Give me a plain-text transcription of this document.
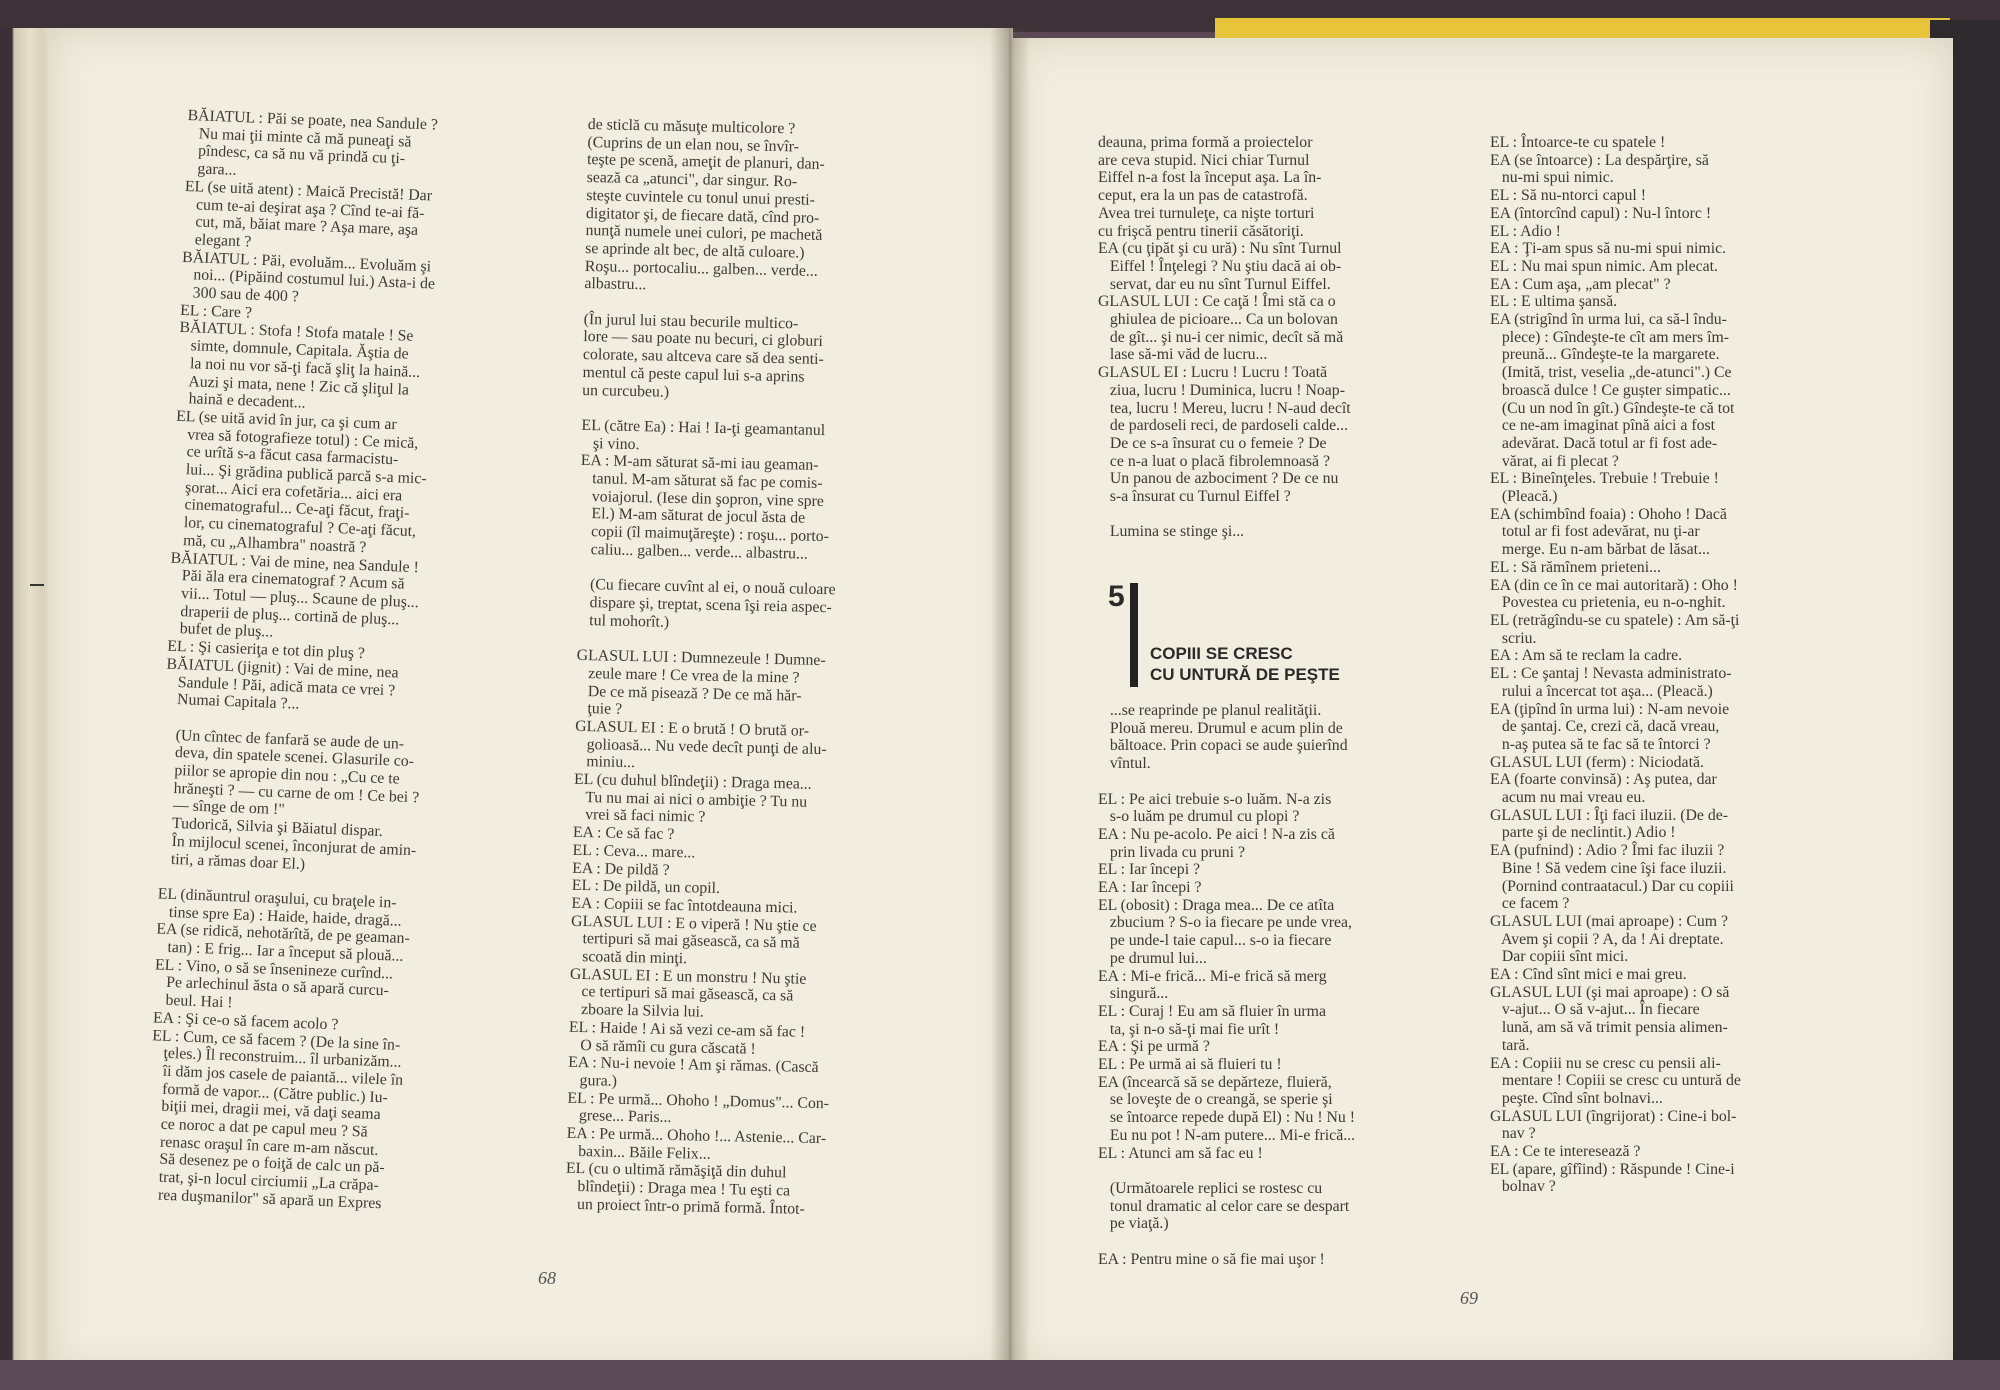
BĂIATUL : Păi se poate, nea Sandule ?
Nu mai ţii minte că mă puneaţi să
pîndesc, ca să nu vă prindă cu ţi-
gara...
EL (se uită atent) : Maică Precistă! Dar
cum te-ai deşirat aşa ? Cînd te-ai fă-
cut, mă, băiat mare ? Aşa mare, aşa
elegant ?
BĂIATUL : Păi, evoluăm... Evoluăm şi
noi... (Pipăind costumul lui.) Asta-i de
300 sau de 400 ?
EL : Care ?
BĂIATUL : Stofa ! Stofa matale ! Se
simte, domnule, Capitala. Ăştia de
la noi nu vor să-ţi facă şliţ la haină...
Auzi şi mata, nene ! Zic că şliţul la
haină e decadent...
EL (se uită avid în jur, ca şi cum ar
vrea să fotografieze totul) : Ce mică,
ce urîtă s-a făcut casa farmacistu-
lui... Şi grădina publică parcă s-a mic-
şorat... Aici era cofetăria... aici era
cinematograful... Ce-aţi făcut, fraţi-
lor, cu cinematograful ? Ce-aţi făcut,
mă, cu „Alhambra" noastră ?
BĂIATUL : Vai de mine, nea Sandule !
Păi ăla era cinematograf ? Acum să
vii... Totul — pluş... Scaune de pluş...
draperii de pluş... cortină de pluş...
bufet de pluş...
EL : Şi casieriţa e tot din pluş ?
BĂIATUL (jignit) : Vai de mine, nea
Sandule ! Păi, adică mata ce vrei ?
Numai Capitala ?...

(Un cîntec de fanfară se aude de un-
deva, din spatele scenei. Glasurile co-
piilor se apropie din nou : „Cu ce te
hrăneşti ? — cu carne de om ! Ce bei ?
— sînge de om !"
Tudorică, Silvia şi Băiatul dispar.
În mijlocul scenei, înconjurat de amin-
tiri, a rămas doar El.)

EL (dinăuntrul oraşului, cu braţele in-
tinse spre Ea) : Haide, haide, dragă...
EA (se ridică, nehotărîtă, de pe geaman-
tan) : E frig... Iar a început să plouă...
EL : Vino, o să se însenineze curînd...
Pe arlechinul ăsta o să apară curcu-
beul. Hai !
EA : Şi ce-o să facem acolo ?
EL : Cum, ce să facem ? (De la sine în-
ţeles.) Îl reconstruim... îl urbanizăm...
îi dăm jos casele de paiantă... vilele în
formă de vapor... (Către public.) Iu-
biţii mei, dragii mei, vă daţi seama
ce noroc a dat pe capul meu ? Să
renasc oraşul în care m-am născut.
Să desenez pe o foiţă de calc un pă-
trat, şi-n locul circiumii „La crăpa-
rea duşmanilor" să apară un Expres
de sticlă cu măsuţe multicolore ?
(Cuprins de un elan nou, se învîr-
teşte pe scenă, ameţit de planuri, dan-
sează ca „atunci", dar singur. Ro-
steşte cuvintele cu tonul unui presti-
digitator şi, de fiecare dată, cînd pro-
nunţă numele unei culori, pe machetă
se aprinde alt bec, de altă culoare.)
Roşu... portocaliu... galben... verde...
albastru...

(În jurul lui stau becurile multico-
lore — sau poate nu becuri, ci globuri
colorate, sau altceva care să dea senti-
mentul că peste capul lui s-a aprins
un curcubeu.)

EL (către Ea) : Hai ! Ia-ţi geamantanul
şi vino.
EA : M-am săturat să-mi iau geaman-
tanul. M-am săturat să fac pe comis-
voiajorul. (Iese din şopron, vine spre
El.) M-am săturat de jocul ăsta de
copii (îl maimuţăreşte) : roşu... porto-
caliu... galben... verde... albastru...

(Cu fiecare cuvînt al ei, o nouă culoare
dispare şi, treptat, scena îşi reia aspec-
tul mohorît.)

GLASUL LUI : Dumnezeule ! Dumne-
zeule mare ! Ce vrea de la mine ?
De ce mă pisează ? De ce mă hăr-
ţuie ?
GLASUL EI : E o brută ! O brută or-
golioasă... Nu vede decît punţi de alu-
miniu...
EL (cu duhul blîndeţii) : Draga mea...
Tu nu mai ai nici o ambiţie ? Tu nu
vrei să faci nimic ?
EA : Ce să fac ?
EL : Ceva... mare...
EA : De pildă ?
EL : De pildă, un copil.
EA : Copiii se fac întotdeauna mici.
GLASUL LUI : E o viperă ! Nu ştie ce
tertipuri să mai găsească, ca să mă
scoată din minţi.
GLASUL EI : E un monstru ! Nu ştie
ce tertipuri să mai găsească, ca să
zboare la Silvia lui.
EL : Haide ! Ai să vezi ce-am să fac !
O să rămîi cu gura căscată !
EA : Nu-i nevoie ! Am şi rămas. (Cască
gura.)
EL : Pe urmă... Ohoho ! „Domus"... Con-
grese... Paris...
EA : Pe urmă... Ohoho !... Astenie... Car-
baxin... Băile Felix...
EL (cu o ultimă rămăşiţă din duhul
blîndeţii) : Draga mea ! Tu eşti ca
un proiect într-o primă formă. Întot-
68
deauna, prima formă a proiectelor
are ceva stupid. Nici chiar Turnul
Eiffel n-a fost la început aşa. La în-
ceput, era la un pas de catastrofă.
Avea trei turnuleţe, ca nişte torturi
cu frişcă pentru tinerii căsătoriţi.
EA (cu ţipăt şi cu ură) : Nu sînt Turnul
Eiffel ! Înţelegi ? Nu ştiu dacă ai ob-
servat, dar eu nu sînt Turnul Eiffel.
GLASUL LUI : Ce caţă ! Îmi stă ca o
ghiulea de picioare... Ca un bolovan
de gît... şi nu-i cer nimic, decît să mă
lase să-mi văd de lucru...
GLASUL EI : Lucru ! Lucru ! Toată
ziua, lucru ! Duminica, lucru ! Noap-
tea, lucru ! Mereu, lucru ! N-aud decît
de pardoseli reci, de pardoseli calde...
De ce s-a însurat cu o femeie ? De
ce n-a luat o placă fibrolemnoasă ?
Un panou de azbociment ? De ce nu
s-a însurat cu Turnul Eiffel ?

Lumina se stinge şi...
5
COPIII SE CRESC
CU UNTURĂ DE PEŞTE
...se reaprinde pe planul realităţii.
Plouă mereu. Drumul e acum plin de
băltoace. Prin copaci se aude şuierînd
vîntul.

EL : Pe aici trebuie s-o luăm. N-a zis
s-o luăm pe drumul cu plopi ?
EA : Nu pe-acolo. Pe aici ! N-a zis că
prin livada cu pruni ?
EL : Iar începi ?
EA : Iar începi ?
EL (obosit) : Draga mea... De ce atîta
zbucium ? S-o ia fiecare pe unde vrea,
pe unde-l taie capul... s-o ia fiecare
pe drumul lui...
EA : Mi-e frică... Mi-e frică să merg
singură...
EL : Curaj ! Eu am să fluier în urma
ta, şi n-o să-ţi mai fie urît !
EA : Şi pe urmă ?
EL : Pe urmă ai să fluieri tu !
EA (încearcă să se depărteze, fluieră,
se loveşte de o creangă, se sperie şi
se întoarce repede după El) : Nu ! Nu !
Eu nu pot ! N-am putere... Mi-e frică...
EL : Atunci am să fac eu !

(Următoarele replici se rostesc cu
tonul dramatic al celor care se despart
pe viaţă.)

EA : Pentru mine o să fie mai uşor !
EL : Întoarce-te cu spatele !
EA (se întoarce) : La despărţire, să
nu-mi spui nimic.
EL : Să nu-ntorci capul !
EA (întorcînd capul) : Nu-l întorc !
EL : Adio !
EA : Ţi-am spus să nu-mi spui nimic.
EL : Nu mai spun nimic. Am plecat.
EA : Cum aşa, „am plecat" ?
EL : E ultima şansă.
EA (strigînd în urma lui, ca să-l îndu-
plece) : Gîndeşte-te cît am mers îm-
preună... Gîndeşte-te la margarete.
(Imită, trist, veselia „de-atunci".) Ce
broască dulce ! Ce gușter simpatic...
(Cu un nod în gît.) Gîndeşte-te că tot
ce ne-am imaginat pînă aici a fost
adevărat. Dacă totul ar fi fost ade-
vărat, ai fi plecat ?
EL : Bineînţeles. Trebuie ! Trebuie !
(Pleacă.)
EA (schimbînd foaia) : Ohoho ! Dacă
totul ar fi fost adevărat, nu ţi-ar
merge. Eu n-am bărbat de lăsat...
EL : Să rămînem prieteni...
EA (din ce în ce mai autoritară) : Oho !
Povestea cu prietenia, eu n-o-nghit.
EL (retrăgîndu-se cu spatele) : Am să-ţi
scriu.
EA : Am să te reclam la cadre.
EL : Ce şantaj ! Nevasta administrato-
rului a încercat tot aşa... (Pleacă.)
EA (ţipînd în urma lui) : N-am nevoie
de şantaj. Ce, crezi că, dacă vreau,
n-aş putea să te fac să te întorci ?
GLASUL LUI (ferm) : Niciodată.
EA (foarte convinsă) : Aş putea, dar
acum nu mai vreau eu.
GLASUL LUI : Îţi faci iluzii. (De de-
parte şi de neclintit.) Adio !
EA (pufnind) : Adio ? Îmi fac iluzii ?
Bine ! Să vedem cine îşi face iluzii.
(Pornind contraatacul.) Dar cu copiii
ce facem ?
GLASUL LUI (mai aproape) : Cum ?
Avem şi copii ? A, da ! Ai dreptate.
Dar copiii sînt mici.
EA : Cînd sînt mici e mai greu.
GLASUL LUI (şi mai aproape) : O să
v-ajut... O să v-ajut... În fiecare
lună, am să vă trimit pensia alimen-
tară.
EA : Copiii nu se cresc cu pensii ali-
mentare ! Copiii se cresc cu untură de
peşte. Cînd sînt bolnavi...
GLASUL LUI (îngrijorat) : Cine-i bol-
nav ?
EA : Ce te interesează ?
EL (apare, gîfîind) : Răspunde ! Cine-i
bolnav ?
69
